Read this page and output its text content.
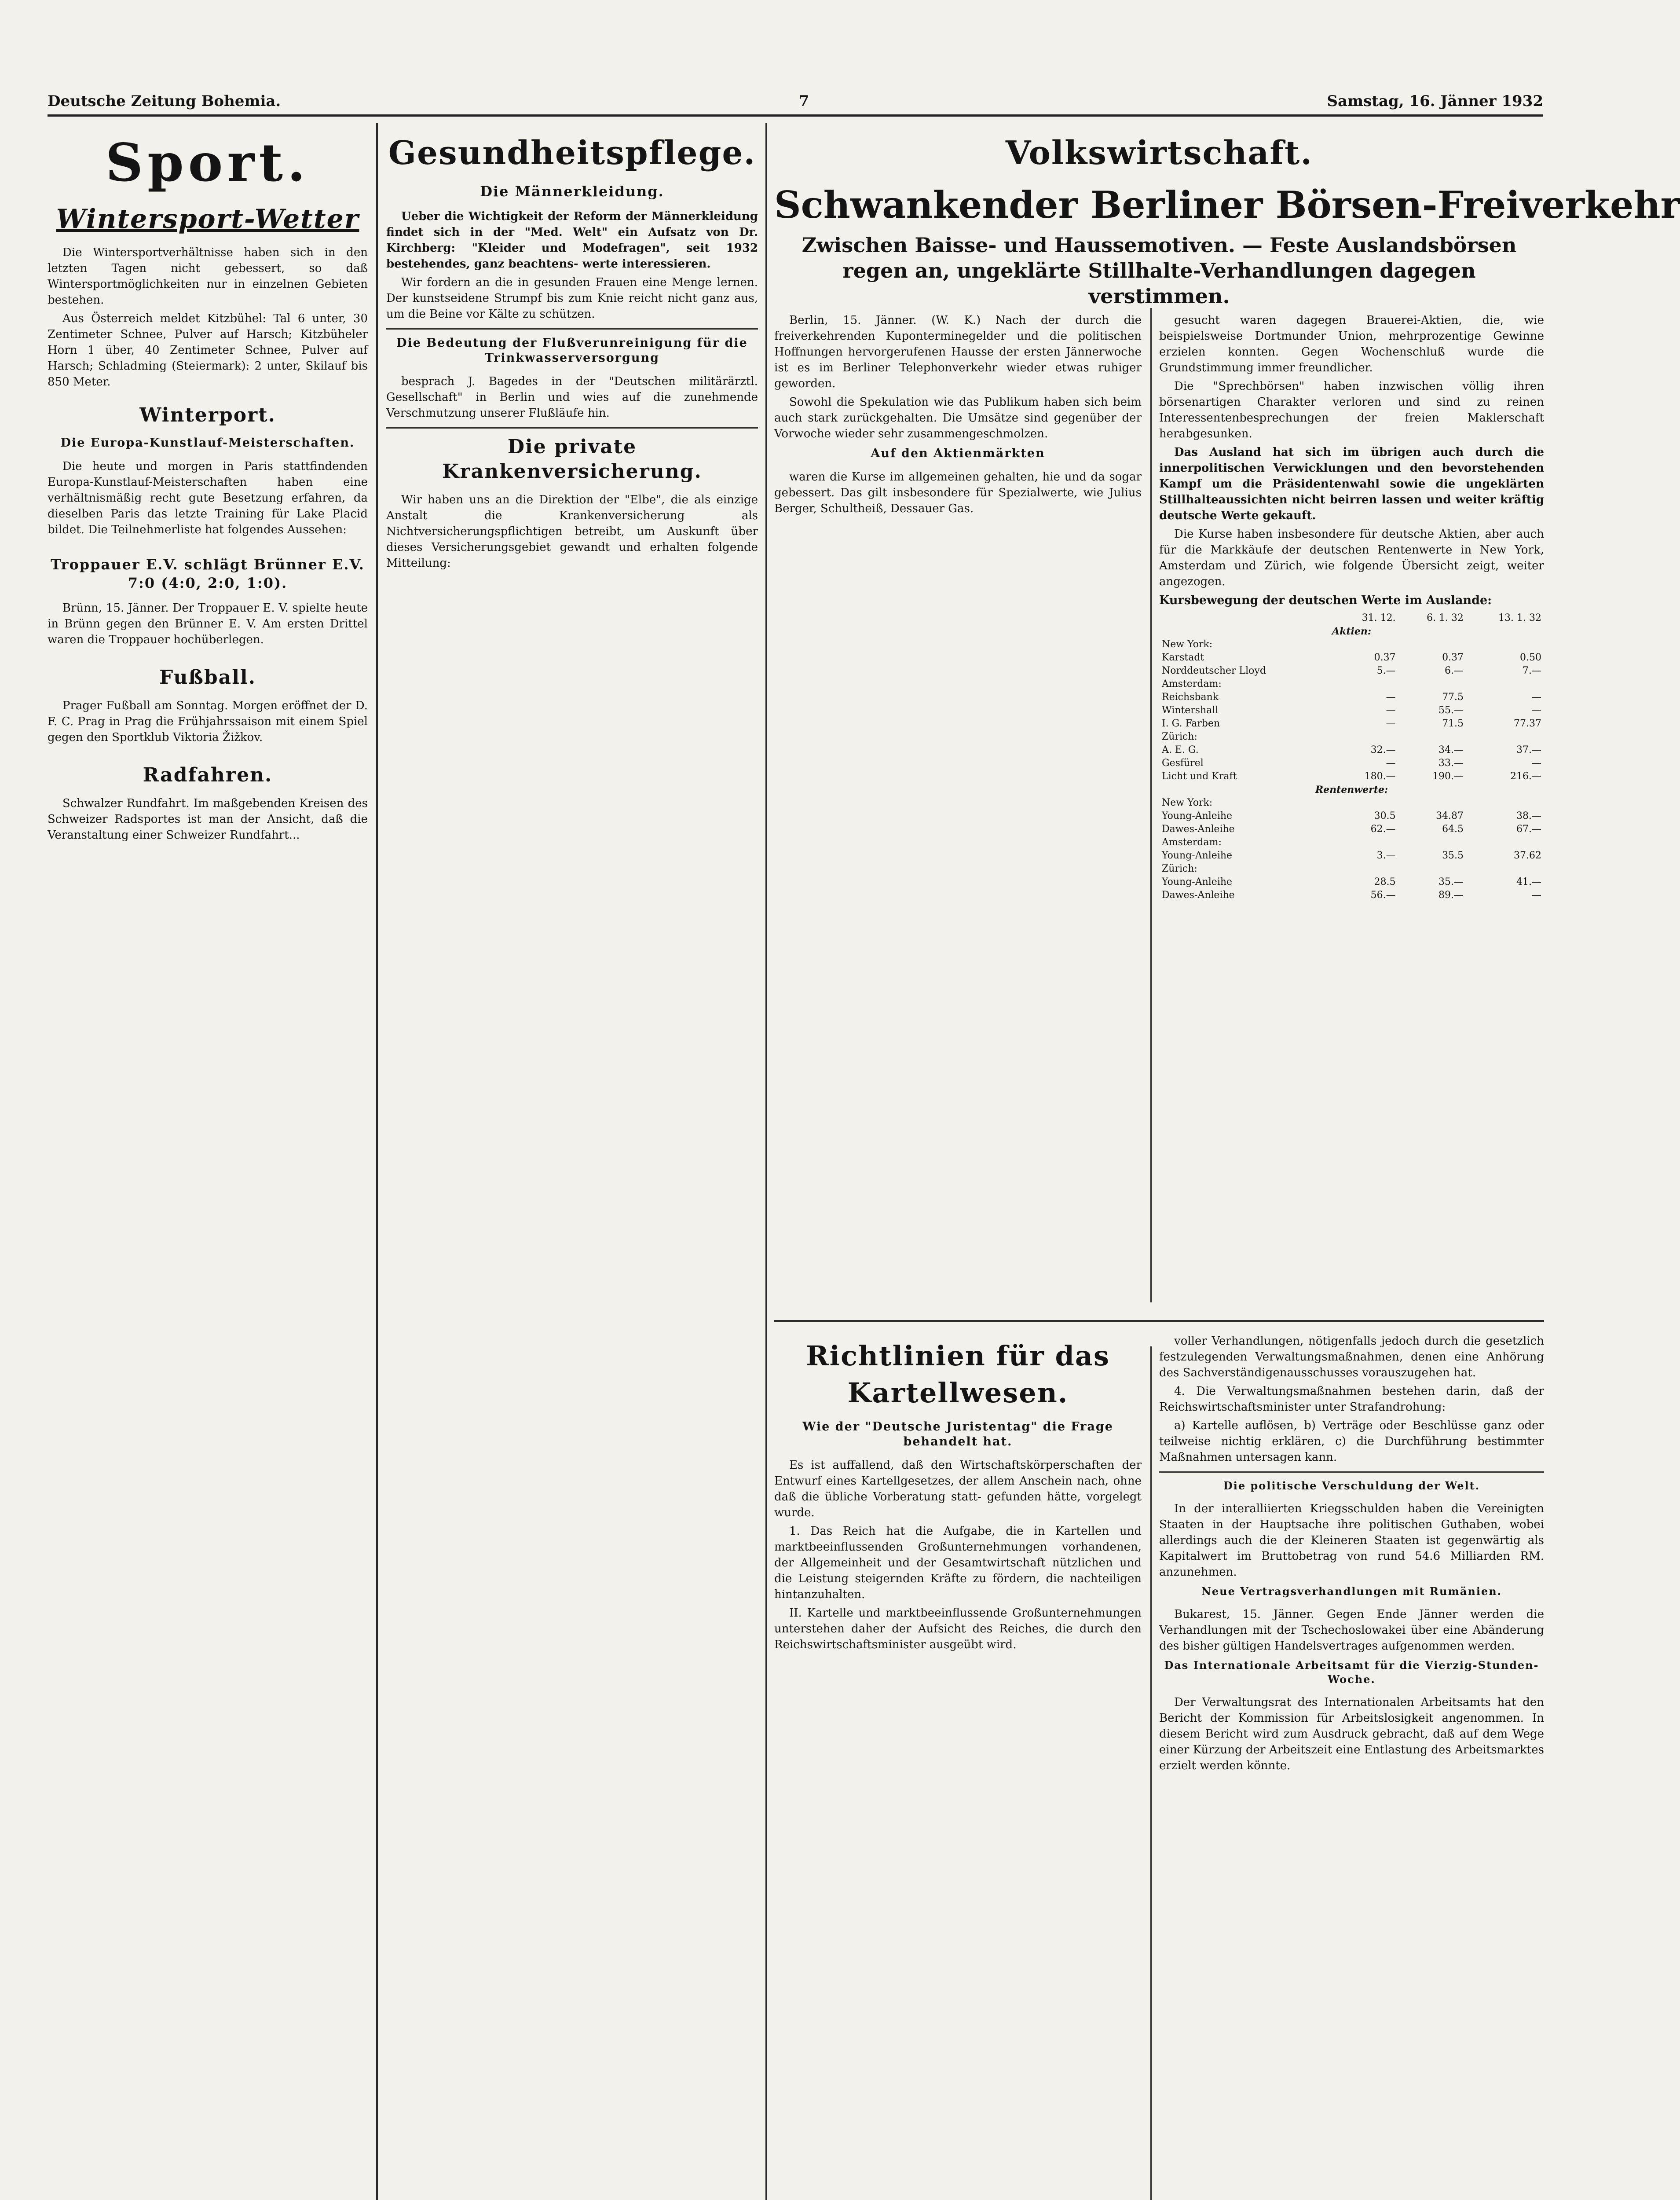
Deutsche Zeitung Bohemia.	7	Samstag, 16. Jänner 1932
Sport.
Wintersport-Wetter

Die Wintersportverhältnisse haben sich in den letzten Tagen nicht gebessert, so daß Wintersportmöglichkeiten nur in einzelnen Gebieten bestehen.

Aus Österreich meldet Kitzbühel: Tal 6 unter, 30 Zentimeter Schnee, Pulver auf Harsch; Kitzbüheler Horn 1 über, 40 Zentimeter Schnee, Pulver auf Harsch; Schladming (Steiermark): 2 unter, Skilauf bis 850 Meter.

Winterport.
Die Europa-Kunstlauf-Meisterschaften.

Die heute und morgen in Paris stattfindenden Europa-Kunstlauf-Meisterschaften haben eine verhältnismäßig recht gute Besetzung erfahren, da dieselben Paris das letzte Training für Lake Placid bildet. Die Teilnehmerliste hat folgendes Aussehen:

Troppauer E.V. schlägt Brünner E.V. 7:0 (4:0, 2:0, 1:0).

Brünn, 15. Jänner. Der Troppauer E. V. spielte heute in Brünn gegen den Brünner E. V. Am ersten Drittel waren die Troppauer hochüberlegen.

Fußball.

Prager Fußball am Sonntag. Morgen eröffnet der D. F. C. Prag in Prag die Frühjahrssaison mit einem Spiel gegen den Sportklub Viktoria Žižkov.

Radfahren.

Schwalzer Rundfahrt. Im maßgebenden Kreisen des Schweizer Radsportes ist man der Ansicht, daß die Veranstaltung einer Schweizer Rundfahrt...

Gesundheitspflege.
Die Männerkleidung.

Ueber die Wichtigkeit der Reform der Männerkleidung findet sich in der "Med. Welt" ein Aufsatz von Dr. Kirchberg: "Kleider und Modefragen", seit 1932 bestehendes, ganz beachtens- werte interessieren.

Wir fordern an die in gesunden Frauen eine Menge lernen. Der kunstseidene Strumpf bis zum Knie reicht nicht ganz aus, um die Beine vor Kälte zu schützen.

Die Bedeutung der Flußverunreinigung für die Trinkwasserversorgung

besprach J. Bagedes in der "Deutschen militärärztl. Gesellschaft" in Berlin und wies auf die zunehmende Verschmutzung unserer Flußläufe hin.

Die private Krankenversicherung.

Wir haben uns an die Direktion der "Elbe", die als einzige Anstalt die Krankenversicherung als Nichtversicherungspflichtigen betreibt, um Auskunft über dieses Versicherungsgebiet gewandt und erhalten folgende Mitteilung:

Volkswirtschaft.
Schwankender Berliner Börsen-Freiverkehr
Zwischen Baisse- und Haussemotiven. — Feste Auslandsbörsen regen an, ungeklärte Stillhalte-Verhandlungen dagegen verstimmen.

Berlin, 15. Jänner. (W. K.) Nach der durch die freiverkehrenden Kuponterminegelder und die politischen Hoffnungen hervorgerufenen Hausse der ersten Jännerwoche ist es im Berliner Telephonverkehr wieder etwas ruhiger geworden.

Sowohl die Spekulation wie das Publikum haben sich beim auch stark zurückgehalten. Die Umsätze sind gegenüber der Vorwoche wieder sehr zusammengeschmolzen.

Auf den Aktienmärkten

waren die Kurse im allgemeinen gehalten, hie und da sogar gebessert. Das gilt insbesondere für Spezialwerte, wie Julius Berger, Schultheiß, Dessauer Gas.

gesucht waren dagegen Brauerei-Aktien, die, wie beispielsweise Dortmunder Union, mehrprozentige Gewinne erzielen konnten. Gegen Wochenschluß wurde die Grundstimmung immer freundlicher.

Die "Sprechbörsen" haben inzwischen völlig ihren börsenartigen Charakter verloren und sind zu reinen Interessentenbesprechungen der freien Maklerschaft herabgesunken.

Das Ausland hat sich im übrigen auch durch die innerpolitischen Verwicklungen und den bevorstehenden Kampf um die Präsidentenwahl sowie die ungeklärten Stillhalteaussichten nicht beirren lassen und weiter kräftig deutsche Werte gekauft.

Die Kurse haben insbesondere für deutsche Aktien, aber auch für die Markkäufe der deutschen Rentenwerte in New York, Amsterdam und Zürich, wie folgende Übersicht zeigt, weiter angezogen.

Kursbewegung der deutschen Werte im Auslande:
	31. 12.	6. 1. 32	13. 1. 32
Aktien:			
New York:			
Karstadt	0.37	0.37	0.50
Norddeutscher Lloyd	5.—	6.—	7.—
Amsterdam:			
Reichsbank	—	77.5	—
Wintershall	—	55.—	—
I. G. Farben	—	71.5	77.37
Zürich:			
A. E. G.	32.—	34.—	37.—
Gesfürel	—	33.—	—
Licht und Kraft	180.—	190.—	216.—
Rentenwerte:			
New York:			
Young-Anleihe	30.5	34.87	38.—
Dawes-Anleihe	62.—	64.5	67.—
Amsterdam:			
Young-Anleihe	3.—	35.5	37.62
Zürich:			
Young-Anleihe	28.5	35.—	41.—
Dawes-Anleihe	56.—	89.—	—
Richtlinien für das Kartellwesen.
Wie der "Deutsche Juristentag" die Frage behandelt hat.

Es ist auffallend, daß den Wirtschaftskörperschaften der Entwurf eines Kartellgesetzes, der allem Anschein nach, ohne daß die übliche Vorberatung statt- gefunden hätte, vorgelegt wurde.

1. Das Reich hat die Aufgabe, die in Kartellen und marktbeeinflussenden Großunternehmungen vorhandenen, der Allgemeinheit und der Gesamtwirtschaft nützlichen und die Leistung steigernden Kräfte zu fördern, die nachteiligen hintanzuhalten.

II. Kartelle und marktbeeinflussende Großunternehmungen unterstehen daher der Aufsicht des Reiches, die durch den Reichswirtschaftsminister ausgeübt wird.

voller Verhandlungen, nötigenfalls jedoch durch die gesetzlich festzulegenden Verwaltungsmaßnahmen, denen eine Anhörung des Sachverständigenausschusses vorauszugehen hat.

4. Die Verwaltungsmaßnahmen bestehen darin, daß der Reichswirtschaftsminister unter Strafandrohung:

a) Kartelle auflösen, b) Verträge oder Beschlüsse ganz oder teilweise nichtig erklären, c) die Durchführung bestimmter Maßnahmen untersagen kann.

Die politische Verschuldung der Welt.

In der interalliierten Kriegsschulden haben die Vereinigten Staaten in der Hauptsache ihre politischen Guthaben, wobei allerdings auch die der Kleineren Staaten ist gegenwärtig als Kapitalwert im Bruttobetrag von rund 54.6 Milliarden RM. anzunehmen.

Neue Vertragsverhandlungen mit Rumänien.

Bukarest, 15. Jänner. Gegen Ende Jänner werden die Verhandlungen mit der Tschechoslowakei über eine Abänderung des bisher gültigen Handelsvertrages aufgenommen werden.

Das Internationale Arbeitsamt für die Vierzig-Stunden-Woche.

Der Verwaltungsrat des Internationalen Arbeitsamts hat den Bericht der Kommission für Arbeitslosigkeit angenommen. In diesem Bericht wird zum Ausdruck gebracht, daß auf dem Wege einer Kürzung der Arbeitszeit eine Entlastung des Arbeitsmarktes erzielt werden könnte.
